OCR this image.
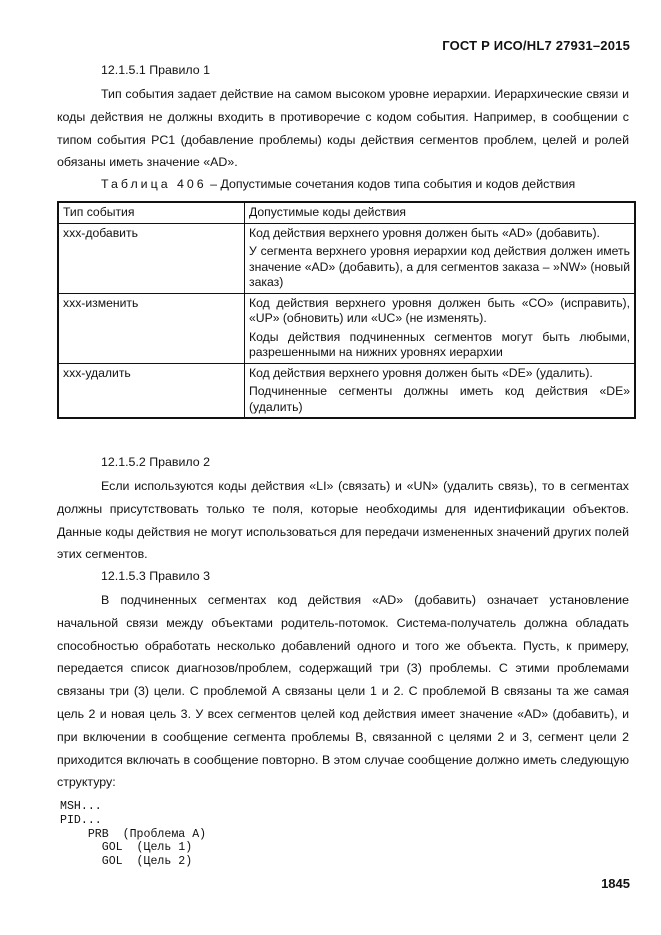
ГОСТ Р ИСО/HL7 27931–2015
12.1.5.1 Правило 1
Тип события задает действие на самом высоком уровне иерархии. Иерархические связи и коды действия не должны входить в противоречие с кодом события. Например, в сообщении с типом события PC1 (добавление проблемы) коды действия сегментов проблем, целей и ролей обязаны иметь значение «AD».
Таблица 406 – Допустимые сочетания кодов типа события и кодов действия
Тип события	Допустимые коды действия
ххх-добавить	Код действия верхнего уровня должен быть «AD» (добавить).
У сегмента верхнего уровня иерархии код действия должен иметь значение «AD» (добавить), а для сегментов заказа – »NW» (новый заказ)

ххх-изменить	Код действия верхнего уровня должен быть «CO» (исправить), «UP» (обновить) или «UC» (не изменять).
Коды действия подчиненных сегментов могут быть любыми, разрешенными на нижних уровнях иерархии

ххх-удалить	Код действия верхнего уровня должен быть «DE» (удалить).
Подчиненные сегменты должны иметь код действия «DE» (удалить)
12.1.5.2 Правило 2
Если используются коды действия «LI» (связать) и «UN» (удалить связь), то в сегментах должны присутствовать только те поля, которые необходимы для идентификации объектов. Данные коды действия не могут использоваться для передачи измененных значений других полей этих сегментов.
12.1.5.3 Правило 3
В подчиненных сегментах код действия «AD» (добавить) означает установление начальной связи между объектами родитель-потомок. Система-получатель должна обладать способностью обработать несколько добавлений одного и того же объекта. Пусть, к примеру, передается список диагнозов/проблем, содержащий три (3) проблемы. С этими проблемами связаны три (3) цели. С проблемой А связаны цели 1 и 2. С проблемой В связаны та же самая цель 2 и новая цель 3. У всех сегментов целей код действия имеет значение «AD» (добавить), и при включении в сообщение сегмента проблемы В, связанной с целями 2 и 3, сегмент цели 2 приходится включать в сообщение повторно. В этом случае сообщение должно иметь следующую структуру:
MSH...
PID...
PRB  (Проблема А)
GOL  (Цель 1)
GOL  (Цель 2)
1845
